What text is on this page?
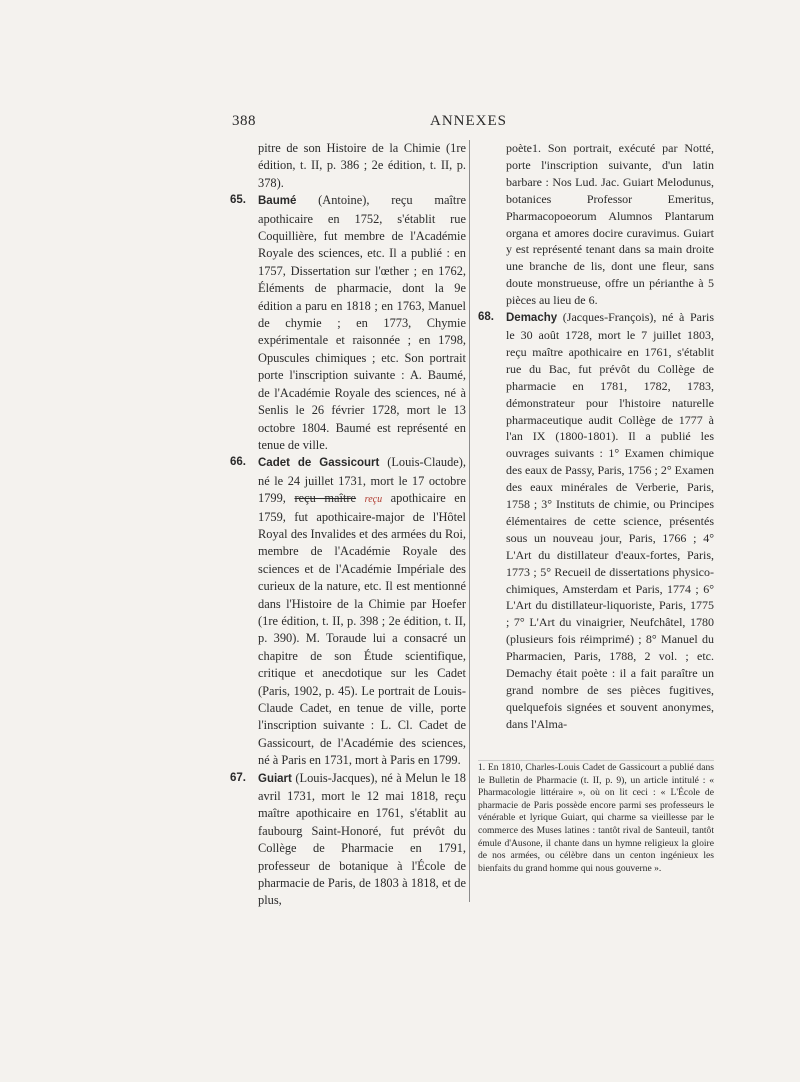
388	ANNEXES

pitre de son Histoire de la Chimie (1re édition, t. II, p. 386 ; 2e édition, t. II, p. 378).

65. Baumé (Antoine), reçu maître apothicaire en 1752, s'établit rue Coquillière, fut membre de l'Académie Royale des sciences, etc. Il a publié : en 1757, Dissertation sur l'œther ; en 1762, Éléments de pharmacie, dont la 9e édition a paru en 1818 ; en 1763, Manuel de chymie ; en 1773, Chymie expérimentale et raisonnée ; en 1798, Opuscules chimiques ; etc. Son portrait porte l'inscription suivante : A. Baumé, de l'Académie Royale des sciences, né à Senlis le 26 février 1728, mort le 13 octobre 1804. Baumé est représenté en tenue de ville.
66. Cadet de Gassicourt (Louis-Claude), né le 24 juillet 1731, mort le 17 octobre 1799, reçu maître reçu apothicaire en 1759, fut apothicaire-major de l'Hôtel Royal des Invalides et des armées du Roi, membre de l'Académie Royale des sciences et de l'Académie Impériale des curieux de la nature, etc. Il est mentionné dans l'Histoire de la Chimie par Hoefer (1re édition, t. II, p. 398 ; 2e édition, t. II, p. 390). M. Toraude lui a consacré un chapitre de son Étude scientifique, critique et anecdotique sur les Cadet (Paris, 1902, p. 45). Le portrait de Louis-Claude Cadet, en tenue de ville, porte l'inscription suivante : L. Cl. Cadet de Gassicourt, de l'Académie des sciences, né à Paris en 1731, mort à Paris en 1799.
67. Guiart (Louis-Jacques), né à Melun le 18 avril 1731, mort le 12 mai 1818, reçu maître apothicaire en 1761, s'établit au faubourg Saint-Honoré, fut prévôt du Collège de Pharmacie en 1791, professeur de botanique à l'École de pharmacie de Paris, de 1803 à 1818, et de plus,

poète1. Son portrait, exécuté par Notté, porte l'inscription suivante, d'un latin barbare : Nos Lud. Jac. Guiart Melodunus, botanices Professor Emeritus, Pharmacopoeorum Alumnos Plantarum organa et amores docire curavimus. Guiart y est représenté tenant dans sa main droite une branche de lis, dont une fleur, sans doute monstrueuse, offre un périanthe à 5 pièces au lieu de 6.

68. Demachy (Jacques-François), né à Paris le 30 août 1728, mort le 7 juillet 1803, reçu maître apothicaire en 1761, s'établit rue du Bac, fut prévôt du Collège de pharmacie en 1781, 1782, 1783, démonstrateur pour l'histoire naturelle pharmaceutique audit Collège de 1777 à l'an IX (1800-1801). Il a publié les ouvrages suivants : 1° Examen chimique des eaux de Passy, Paris, 1756 ; 2° Examen des eaux minérales de Verberie, Paris, 1758 ; 3° Instituts de chimie, ou Principes élémentaires de cette science, présentés sous un nouveau jour, Paris, 1766 ; 4° L'Art du distillateur d'eaux-fortes, Paris, 1773 ; 5° Recueil de dissertations physico-chimiques, Amsterdam et Paris, 1774 ; 6° L'Art du distillateur-liquoriste, Paris, 1775 ; 7° L'Art du vinaigrier, Neufchâtel, 1780 (plusieurs fois réimprimé) ; 8° Manuel du Pharmacien, Paris, 1788, 2 vol. ; etc. Demachy était poète : il a fait paraître un grand nombre de ses pièces fugitives, quelquefois signées et souvent anonymes, dans l'Alma-
1. En 1810, Charles-Louis Cadet de Gassicourt a publié dans le Bulletin de Pharmacie (t. II, p. 9), un article intitulé : « Pharmacologie littéraire », où on lit ceci : « L'École de pharmacie de Paris possède encore parmi ses professeurs le vénérable et lyrique Guiart, qui charme sa vieillesse par le commerce des Muses latines : tantôt rival de Santeuil, tantôt émule d'Ausone, il chante dans un hymne religieux la gloire de nos armées, ou célèbre dans un centon ingénieux les bienfaits du grand homme qui nous gouverne ».
